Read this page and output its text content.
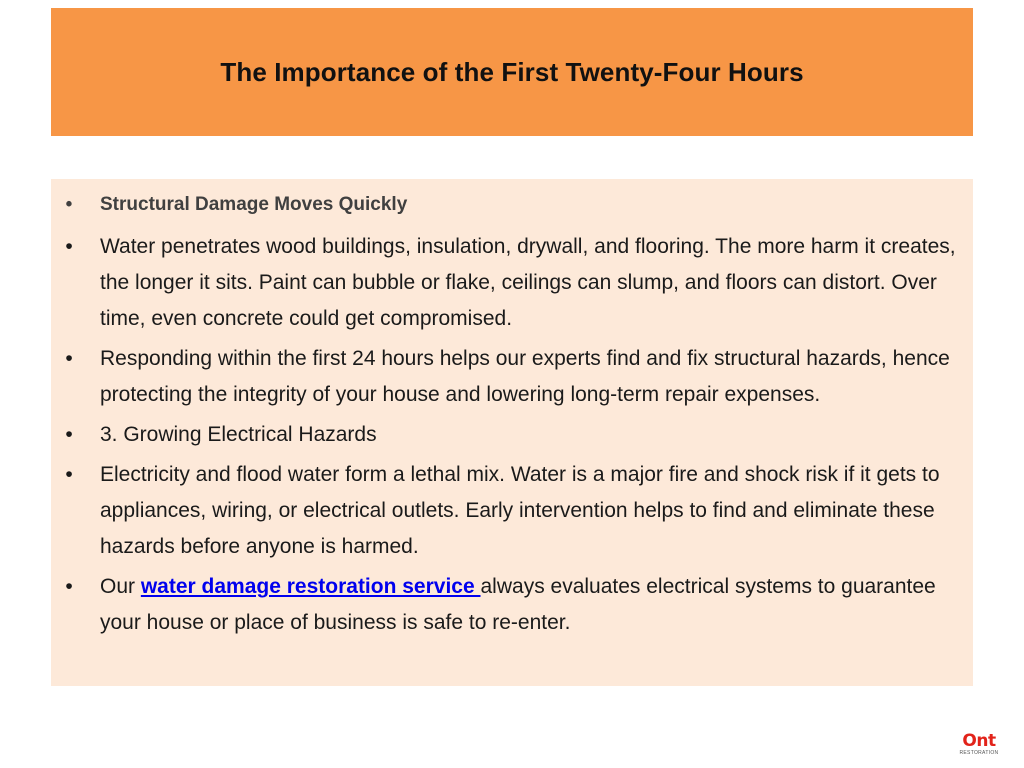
The Importance of the First Twenty-Four Hours
•	Structural Damage Moves Quickly
•	Water penetrates wood buildings, insulation, drywall, and flooring. The more harm it creates, the longer it sits. Paint can bubble or flake, ceilings can slump, and floors can distort. Over time, even concrete could get compromised.
•	Responding within the first 24 hours helps our experts find and fix structural hazards, hence protecting the integrity of your house and lowering long-term repair expenses.
•	3. Growing Electrical Hazards
•	Electricity and flood water form a lethal mix. Water is a major fire and shock risk if it gets to appliances, wiring, or electrical outlets. Early intervention helps to find and eliminate these hazards before anyone is harmed.
•	Our water damage restoration service always evaluates electrical systems to guarantee your house or place of business is safe to re-enter.
Ont
RESTORATION
